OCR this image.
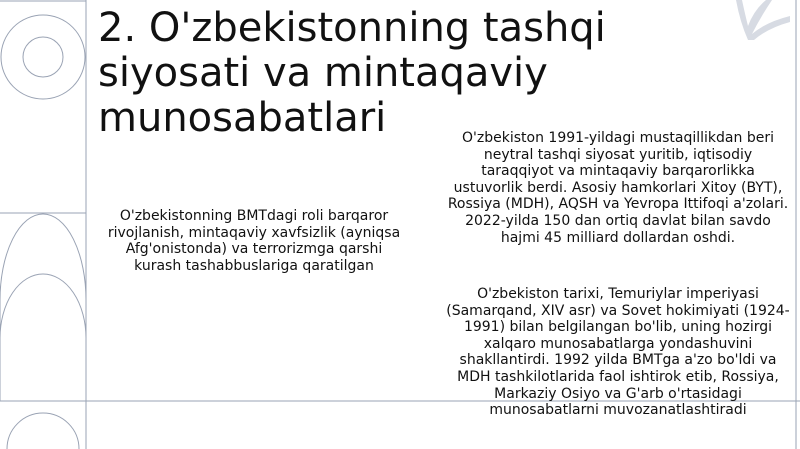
2. O'zbekistonning tashqi siyosati va mintaqaviy munosabatlari

O'zbekistonning BMTdagi roli barqaror rivojlanish, mintaqaviy xavfsizlik (ayniqsa Afg'onistonda) va terrorizmga qarshi kurash tashabbuslariga qaratilgan

O'zbekiston 1991-yildagi mustaqillikdan beri neytral tashqi siyosat yuritib, iqtisodiy taraqqiyot va mintaqaviy barqarorlikka ustuvorlik berdi. Asosiy hamkorlari Xitoy (BYT), Rossiya (MDH), AQSH va Yevropa Ittifoqi a'zolari. 2022-yilda 150 dan ortiq davlat bilan savdo hajmi 45 milliard dollardan oshdi.

O'zbekiston tarixi, Temuriylar imperiyasi (Samarqand, XIV asr) va Sovet hokimiyati (1924-1991) bilan belgilangan bo'lib, uning hozirgi xalqaro munosabatlarga yondashuvini shakllantirdi. 1992 yilda BMTga a'zo bo'ldi va MDH tashkilotlarida faol ishtirok etib, Rossiya, Markaziy Osiyo va G'arb o'rtasidagi munosabatlarni muvozanatlashtiradi
